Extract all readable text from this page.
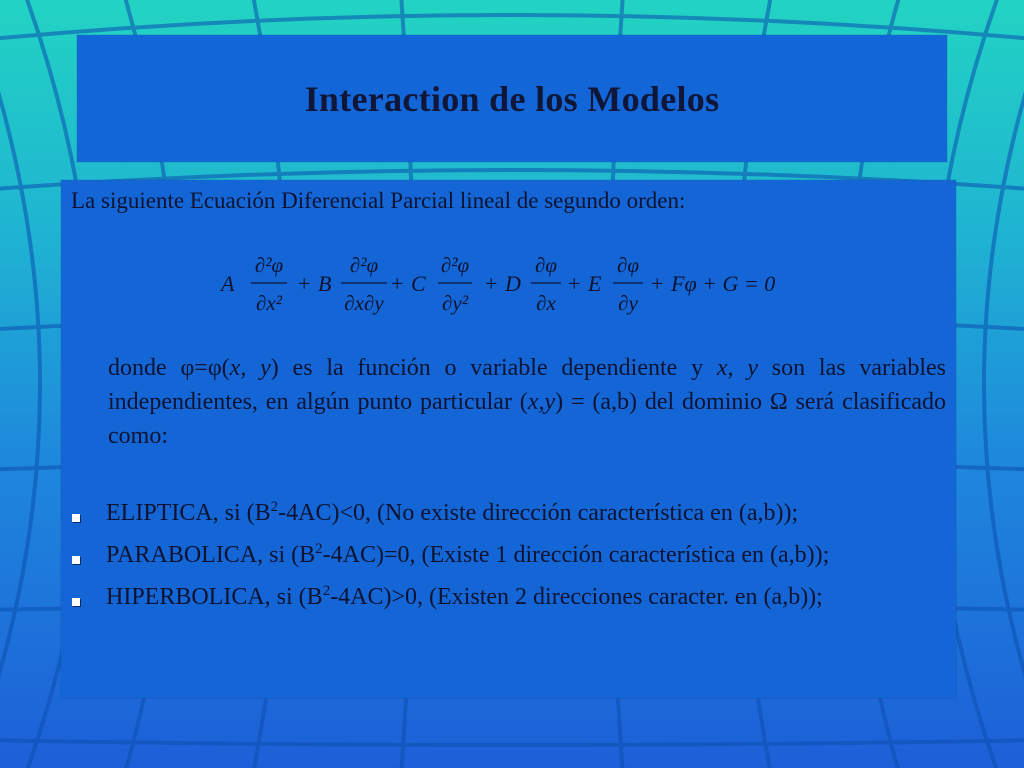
Interaction de los Modelos
La siguiente Ecuación Diferencial Parcial lineal de segundo orden:
A
∂²φ
∂x²
+ B
∂²φ
∂x∂y
+ C
∂²φ
∂y²
+ D
∂φ
∂x
+ E
∂φ
∂y
+ Fφ + G = 0
donde φ=φ(x, y) es la función o variable dependiente y x, y son las variables independientes, en algún punto particular (x,y) = (a,b) del dominio Ω será clasificado como:
ELIPTICA, si $(B^2-4AC)<0$, (No existe dirección característica en (a,b));
PARABOLICA, si $(B^2-4AC)=0$, (Existe 1 dirección característica en (a,b));
HIPERBOLICA, si $(B^2-4AC)>0$, (Existen 2 direcciones caracter. en (a,b));
